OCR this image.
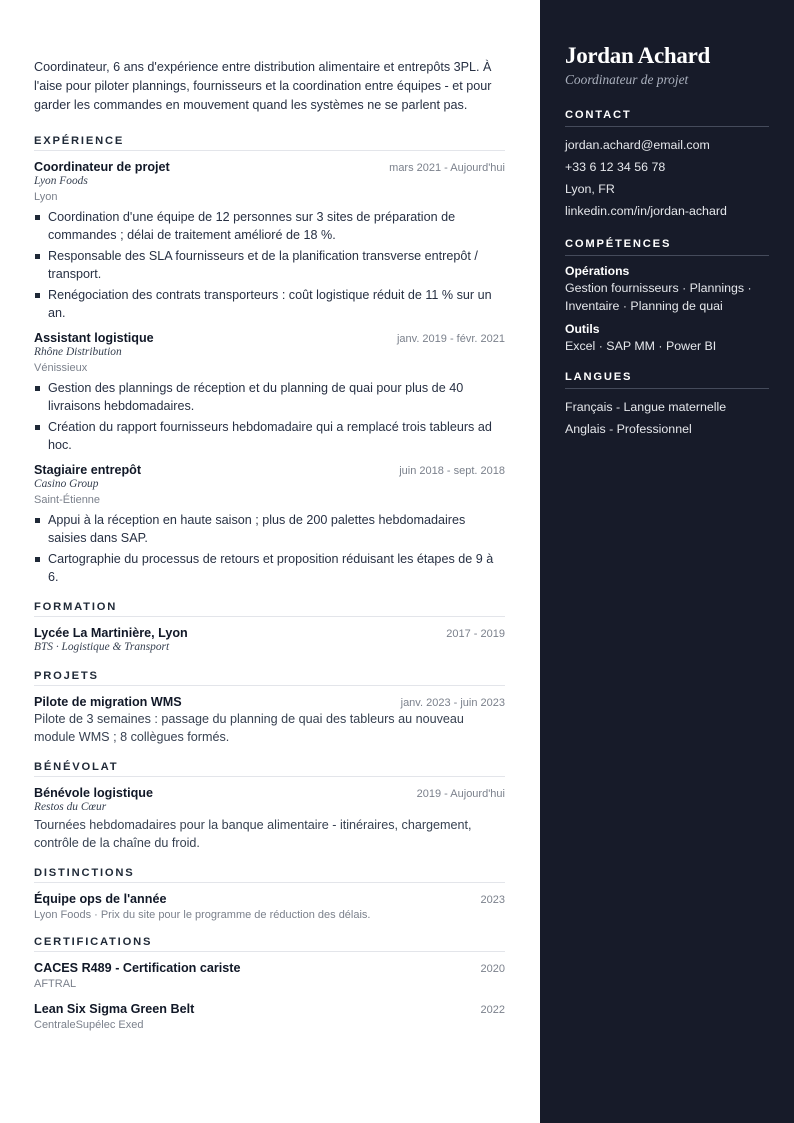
Coordinateur, 6 ans d'expérience entre distribution alimentaire et entrepôts 3PL. À l'aise pour piloter plannings, fournisseurs et la coordination entre équipes - et pour garder les commandes en mouvement quand les systèmes ne se parlent pas.

EXPÉRIENCE
Coordinateur de projet	mars 2021 - Aujourd'hui
Lyon Foods
Lyon
Coordination d'une équipe de 12 personnes sur 3 sites de préparation de commandes ; délai de traitement amélioré de 18 %.
Responsable des SLA fournisseurs et de la planification transverse entrepôt / transport.
Renégociation des contrats transporteurs : coût logistique réduit de 11 % sur un an.
Assistant logistique	janv. 2019 - févr. 2021
Rhône Distribution
Vénissieux
Gestion des plannings de réception et du planning de quai pour plus de 40 livraisons hebdomadaires.
Création du rapport fournisseurs hebdomadaire qui a remplacé trois tableurs ad hoc.
Stagiaire entrepôt	juin 2018 - sept. 2018
Casino Group
Saint-Étienne
Appui à la réception en haute saison ; plus de 200 palettes hebdomadaires saisies dans SAP.
Cartographie du processus de retours et proposition réduisant les étapes de 9 à 6.
FORMATION
Lycée La Martinière, Lyon	2017 - 2019
BTS · Logistique & Transport
PROJETS
Pilote de migration WMS	janv. 2023 - juin 2023
Pilote de 3 semaines : passage du planning de quai des tableurs au nouveau module WMS ; 8 collègues formés.
BÉNÉVOLAT
Bénévole logistique	2019 - Aujourd'hui
Restos du Cœur
Tournées hebdomadaires pour la banque alimentaire - itinéraires, chargement, contrôle de la chaîne du froid.
DISTINCTIONS
Équipe ops de l'année	2023
Lyon Foods · Prix du site pour le programme de réduction des délais.
CERTIFICATIONS
CACES R489 - Certification cariste	2020
AFTRAL
Lean Six Sigma Green Belt	2022
CentraleSupélec Exed
Jordan Achard
Coordinateur de projet
CONTACT
jordan.achard@email.com
+33 6 12 34 56 78
Lyon, FR
linkedin.com/in/jordan-achard
COMPÉTENCES
Opérations
Gestion fournisseurs · Plannings · Inventaire · Planning de quai
Outils
Excel · SAP MM · Power BI
LANGUES
Français - Langue maternelle
Anglais - Professionnel
